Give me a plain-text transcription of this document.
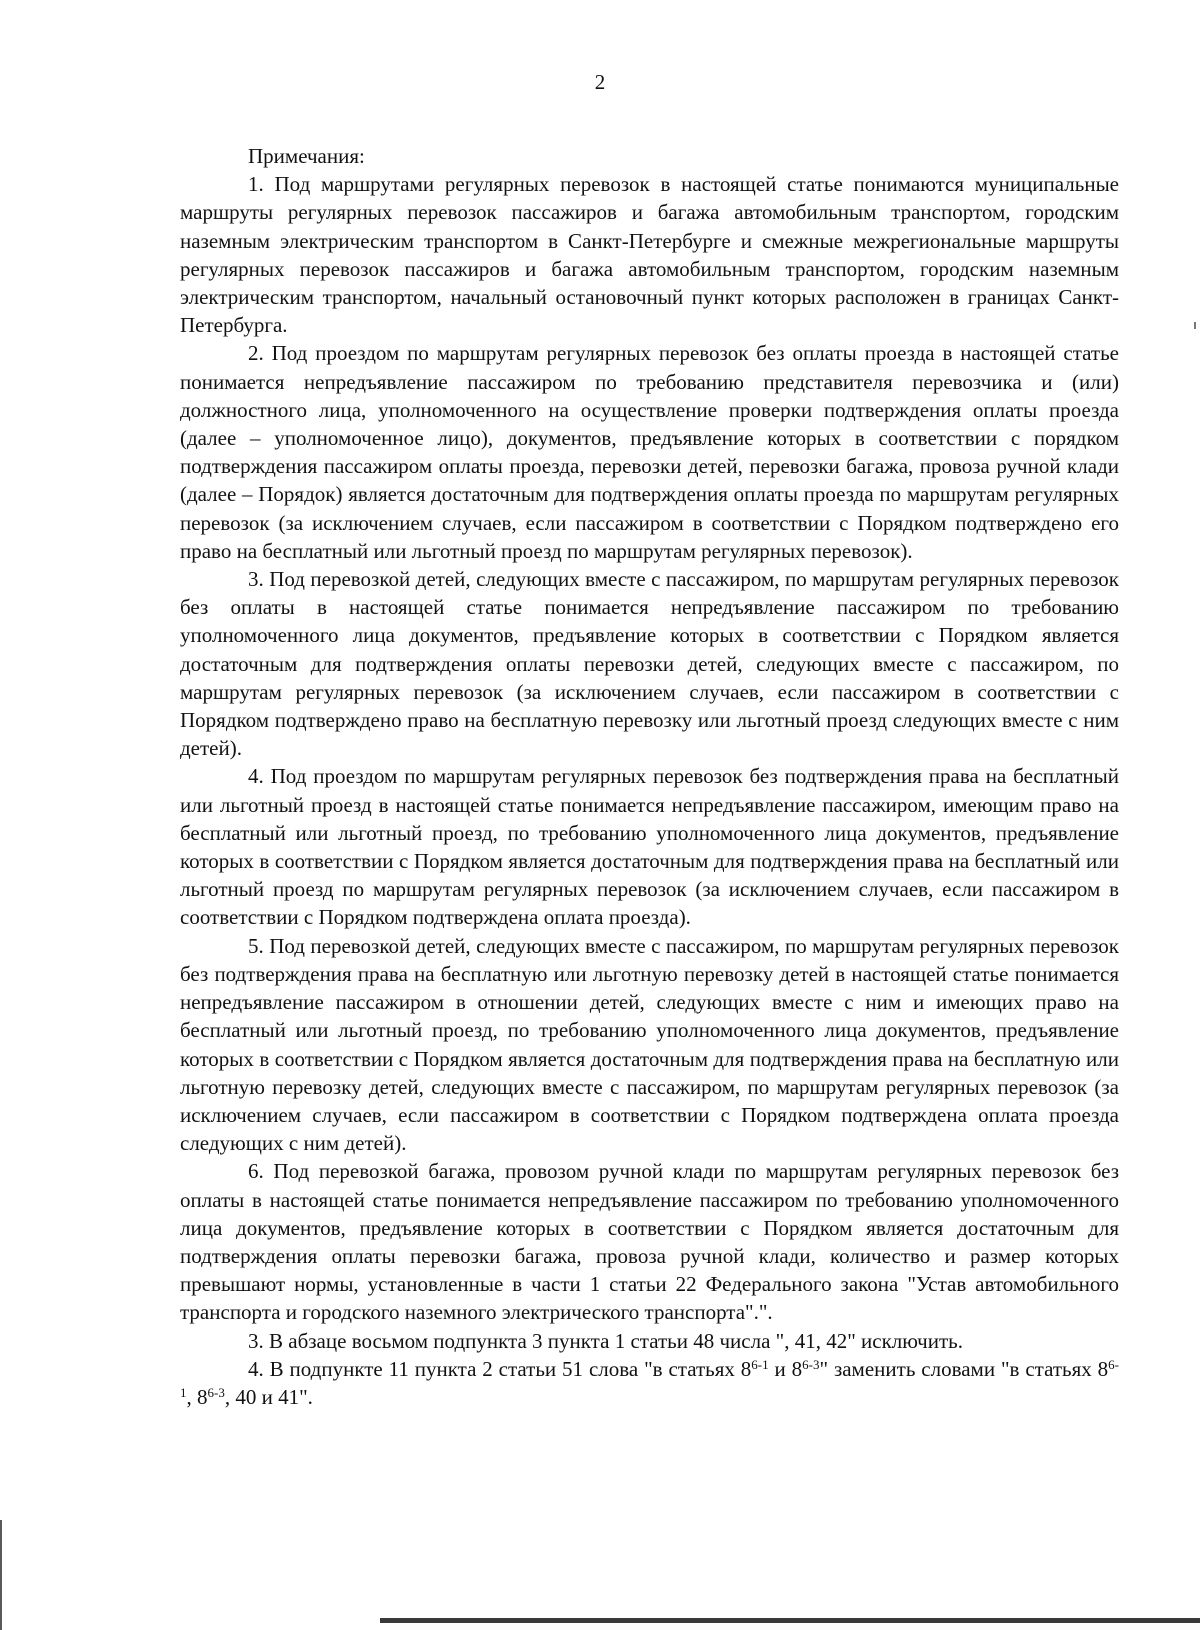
2

Примечания:

1. Под маршрутами регулярных перевозок в настоящей статье понимаются муниципальные маршруты регулярных перевозок пассажиров и багажа автомобильным транспортом, городским наземным электрическим транспортом в Санкт-Петербурге и смежные межрегиональные маршруты регулярных перевозок пассажиров и багажа автомобильным транспортом, городским наземным электрическим транспортом, начальный остановочный пункт которых расположен в границах Санкт-Петербурга.

2. Под проездом по маршрутам регулярных перевозок без оплаты проезда в настоящей статье понимается непредъявление пассажиром по требованию представителя перевозчика и (или) должностного лица, уполномоченного на осуществление проверки подтверждения оплаты проезда (далее – уполномоченное лицо), документов, предъявление которых в соответствии с порядком подтверждения пассажиром оплаты проезда, перевозки детей, перевозки багажа, провоза ручной клади (далее – Порядок) является достаточным для подтверждения оплаты проезда по маршрутам регулярных перевозок (за исключением случаев, если пассажиром в соответствии с Порядком подтверждено его право на бесплатный или льготный проезд по маршрутам регулярных перевозок).

3. Под перевозкой детей, следующих вместе с пассажиром, по маршрутам регулярных перевозок без оплаты в настоящей статье понимается непредъявление пассажиром по требованию уполномоченного лица документов, предъявление которых в соответствии с Порядком является достаточным для подтверждения оплаты перевозки детей, следующих вместе с пассажиром, по маршрутам регулярных перевозок (за исключением случаев, если пассажиром в соответствии с Порядком подтверждено право на бесплатную перевозку или льготный проезд следующих вместе с ним детей).

4. Под проездом по маршрутам регулярных перевозок без подтверждения права на бесплатный или льготный проезд в настоящей статье понимается непредъявление пассажиром, имеющим право на бесплатный или льготный проезд, по требованию уполномоченного лица документов, предъявление которых в соответствии с Порядком является достаточным для подтверждения права на бесплатный или льготный проезд по маршрутам регулярных перевозок (за исключением случаев, если пассажиром в соответствии с Порядком подтверждена оплата проезда).

5. Под перевозкой детей, следующих вместе с пассажиром, по маршрутам регулярных перевозок без подтверждения права на бесплатную или льготную перевозку детей в настоящей статье понимается непредъявление пассажиром в отношении детей, следующих вместе с ним и имеющих право на бесплатный или льготный проезд, по требованию уполномоченного лица документов, предъявление которых в соответствии с Порядком является достаточным для подтверждения права на бесплатную или льготную перевозку детей, следующих вместе с пассажиром, по маршрутам регулярных перевозок (за исключением случаев, если пассажиром в соответствии с Порядком подтверждена оплата проезда следующих с ним детей).

6. Под перевозкой багажа, провозом ручной клади по маршрутам регулярных перевозок без оплаты в настоящей статье понимается непредъявление пассажиром по требованию уполномоченного лица документов, предъявление которых в соответствии с Порядком является достаточным для подтверждения оплаты перевозки багажа, провоза ручной клади, количество и размер которых превышают нормы, установленные в части 1 статьи 22 Федерального закона "Устав автомобильного транспорта и городского наземного электрического транспорта".".

3. В абзаце восьмом подпункта 3 пункта 1 статьи 48 числа ", 41, 42" исключить.

4. В подпункте 11 пункта 2 статьи 51 слова "в статьях 8$^{6-1}$ и 8$^{6-3}$" заменить словами "в статьях 8$^{6-1}$, 8$^{6-3}$, 40 и 41".
